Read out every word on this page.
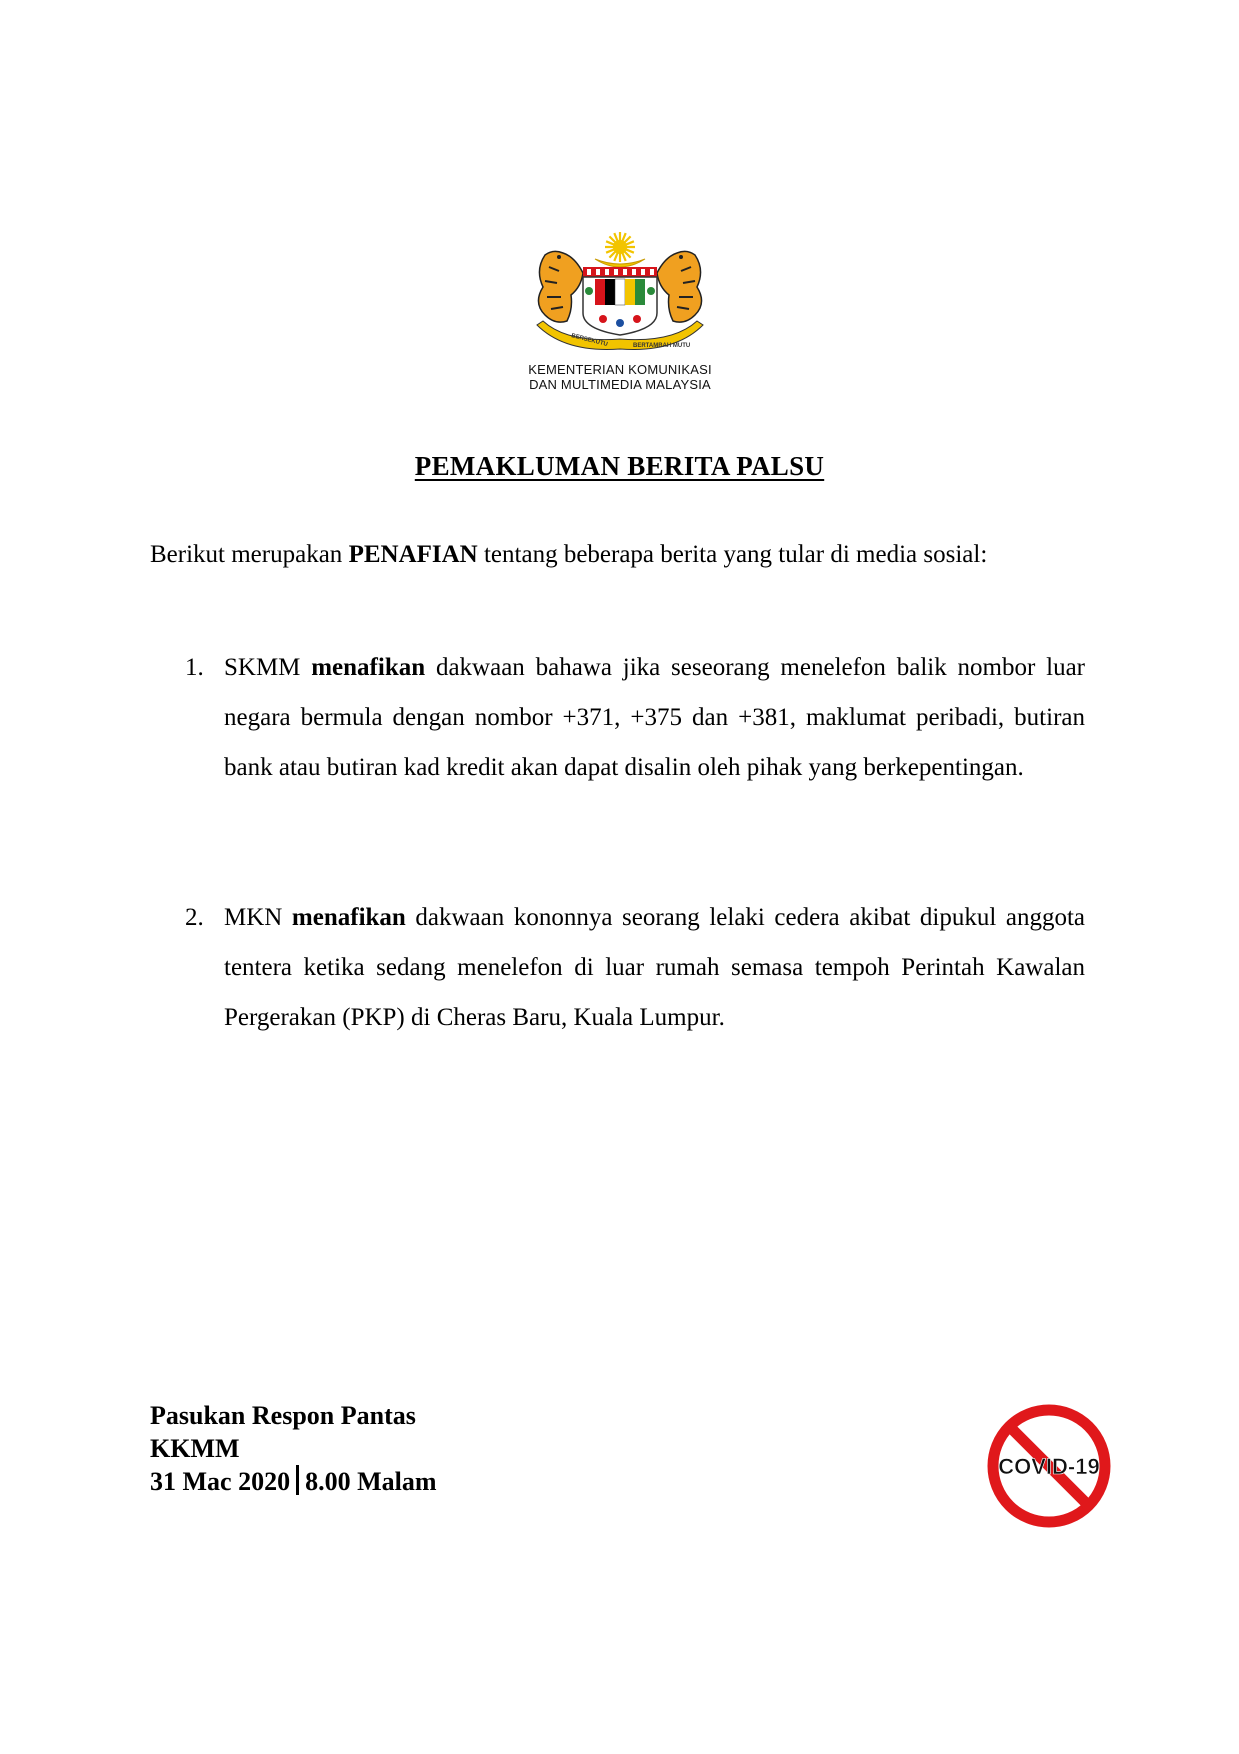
BERSEKUTU	BERTAMBAH MUTU
KEMENTERIAN KOMUNIKASI
DAN MULTIMEDIA MALAYSIA
PEMAKLUMAN BERITA PALSU
Berikut merupakan PENAFIAN tentang beberapa berita yang tular di media sosial:
1. SKMM menafikan dakwaan bahawa jika seseorang menelefon balik nombor luar negara bermula dengan nombor +371, +375 dan +381, maklumat peribadi, butiran bank atau butiran kad kredit akan dapat disalin oleh pihak yang berkepentingan.
2. MKN menafikan dakwaan kononnya seorang lelaki cedera akibat dipukul anggota tentera ketika sedang menelefon di luar rumah semasa tempoh Perintah Kawalan Pergerakan (PKP) di Cheras Baru, Kuala Lumpur.
Pasukan Respon Pantas
KKMM
31 Mac 2020 8.00 Malam
COVID-19
